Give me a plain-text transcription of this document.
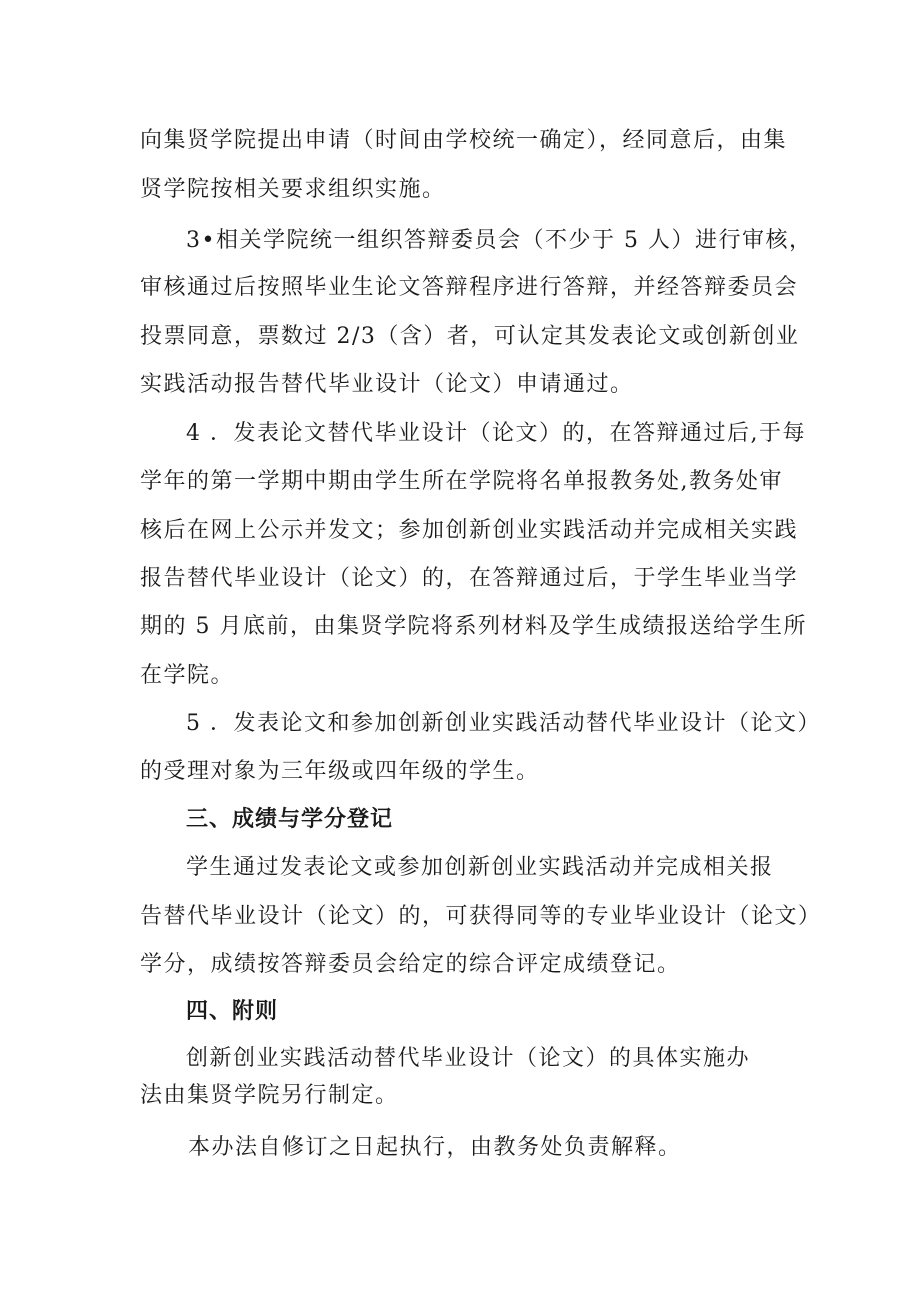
向集贤学院提出申请（时间由学校统一确定），经同意后，由集
贤学院按相关要求组织实施。
3•相关学院统一组织答辩委员会（不少于 5 人）进行审核，
审核通过后按照毕业生论文答辩程序进行答辩，并经答辩委员会
投票同意，票数过 2/3（含）者，可认定其发表论文或创新创业
实践活动报告替代毕业设计（论文）申请通过。
4 ．发表论文替代毕业设计（论文）的，在答辩通过后,于每
学年的第一学期中期由学生所在学院将名单报教务处,教务处审
核后在网上公示并发文；参加创新创业实践活动并完成相关实践
报告替代毕业设计（论文）的，在答辩通过后，于学生毕业当学
期的 5 月底前，由集贤学院将系列材料及学生成绩报送给学生所
在学院。
5 ．发表论文和参加创新创业实践活动替代毕业设计（论文）
的受理对象为三年级或四年级的学生。
三、成绩与学分登记
学生通过发表论文或参加创新创业实践活动并完成相关报
告替代毕业设计（论文）的，可获得同等的专业毕业设计（论文）
学分，成绩按答辩委员会给定的综合评定成绩登记。
四、附则
创新创业实践活动替代毕业设计（论文）的具体实施办
法由集贤学院另行制定。
本办法自修订之日起执行，由教务处负责解释。
